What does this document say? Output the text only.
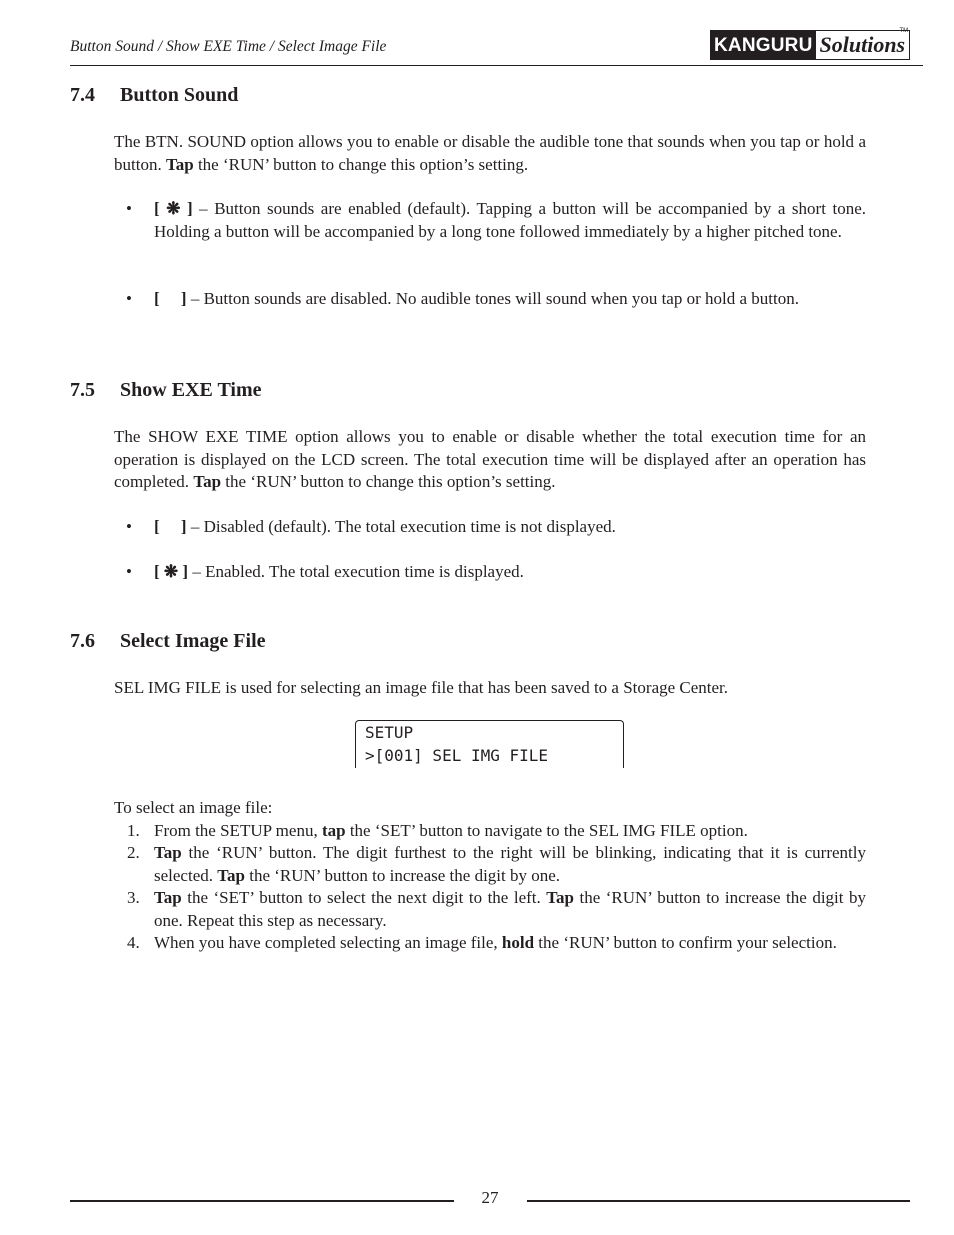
Button Sound / Show EXE Time / Select Image File	KANGURU Solutions
TM
7.4 Button Sound

The BTN. SOUND option allows you to enable or disable the audible tone that sounds when you tap or hold a button. Tap the ‘RUN’ button to change this option’s setting.

• [ ❋ ] – Button sounds are enabled (default). Tapping a button will be accompanied by a short tone. Holding a button will be accompanied by a long tone followed immediately by a higher pitched tone.
• [     ] – Button sounds are disabled. No audible tones will sound when you tap or hold a button.
7.5 Show EXE Time

The SHOW EXE TIME option allows you to enable or disable whether the total execution time for an operation is displayed on the LCD screen. The total execution time will be displayed after an operation has completed. Tap the ‘RUN’ button to change this option’s setting.

• [     ] – Disabled (default). The total execution time is not displayed.
• [ ❋ ] – Enabled. The total execution time is displayed.
7.6 Select Image File

SEL IMG FILE is used for selecting an image file that has been saved to a Storage Center.

SETUP
>[001] SEL IMG FILE
To select an image file:
1. From the SETUP menu, tap the ‘SET’ button to navigate to the SEL IMG FILE option.
2. Tap the ‘RUN’ button. The digit furthest to the right will be blinking, indicating that it is currently selected. Tap the ‘RUN’ button to increase the digit by one.
3. Tap the ‘SET’ button to select the next digit to the left. Tap the ‘RUN’ button to increase the digit by one. Repeat this step as necessary.
4. When you have completed selecting an image file, hold the ‘RUN’ button to confirm your selection.
27
